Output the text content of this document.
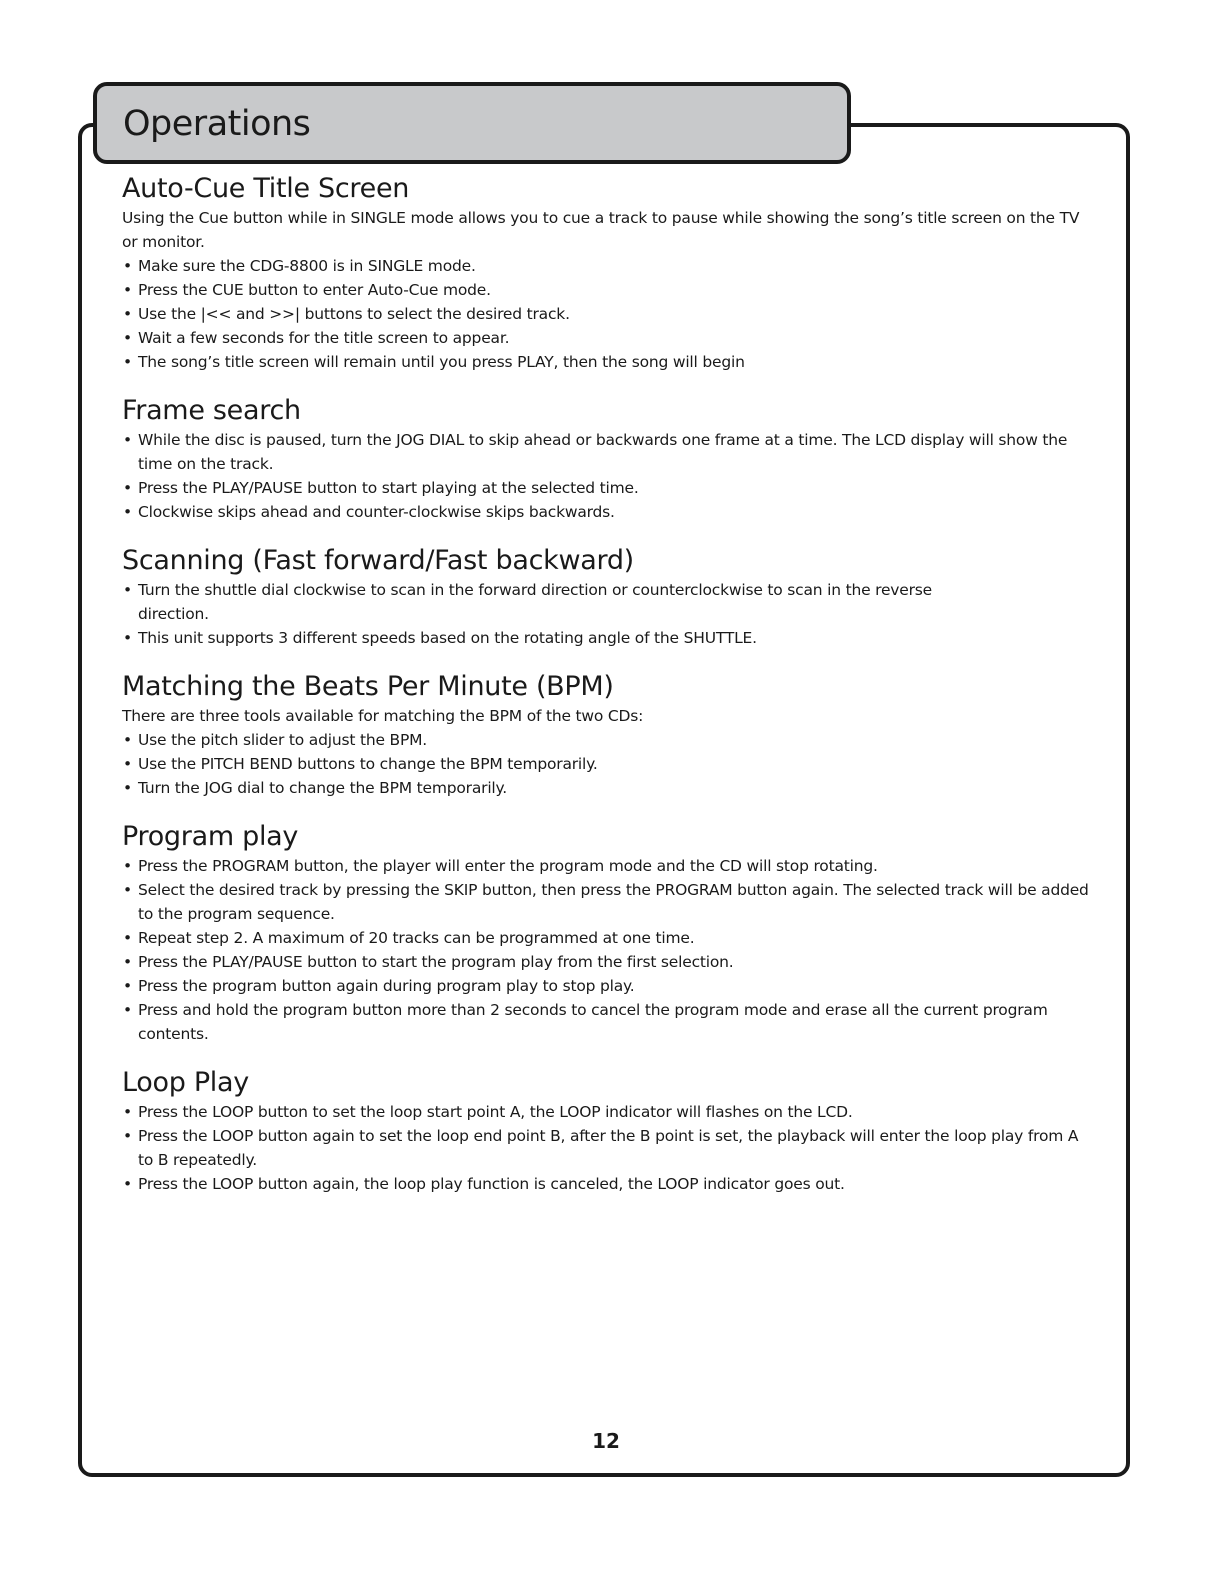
Operations
Auto-Cue Title Screen

Using the Cue button while in SINGLE mode allows you to cue a track to pause while showing the song’s title screen on the TV or monitor.

• Make sure the CDG-8800 is in SINGLE mode.
• Press the CUE button to enter Auto-Cue mode.
• Use the |<< and >>| buttons to select the desired track.
• Wait a few seconds for the title screen to appear.
• The song’s title screen will remain until you press PLAY, then the song will begin
Frame search
• While the disc is paused, turn the JOG DIAL to skip ahead or backwards one frame at a time. The LCD display will show the time on the track.
• Press the PLAY/PAUSE button to start playing at the selected time.
• Clockwise skips ahead and counter-clockwise skips backwards.
Scanning (Fast forward/Fast backward)
• Turn the shuttle dial clockwise to scan in the forward direction or counterclockwise to scan in the reverse direction.
• This unit supports 3 different speeds based on the rotating angle of the SHUTTLE.
Matching the Beats Per Minute (BPM)

There are three tools available for matching the BPM of the two CDs:

• Use the pitch slider to adjust the BPM.
• Use the PITCH BEND buttons to change the BPM temporarily.
• Turn the JOG dial to change the BPM temporarily.
Program play
• Press the PROGRAM button, the player will enter the program mode and the CD will stop rotating.
• Select the desired track by pressing the SKIP button, then press the PROGRAM button again. The selected track will be added to the program sequence.
• Repeat step 2. A maximum of 20 tracks can be programmed at one time.
• Press the PLAY/PAUSE button to start the program play from the first selection.
• Press the program button again during program play to stop play.
• Press and hold the program button more than 2 seconds to cancel the program mode and erase all the current program contents.
Loop Play
• Press the LOOP button to set the loop start point A, the LOOP indicator will flashes on the LCD.
• Press the LOOP button again to set the loop end point B, after the B point is set, the playback will enter the loop play from A to B repeatedly.
• Press the LOOP button again, the loop play function is canceled, the LOOP indicator goes out.
12
